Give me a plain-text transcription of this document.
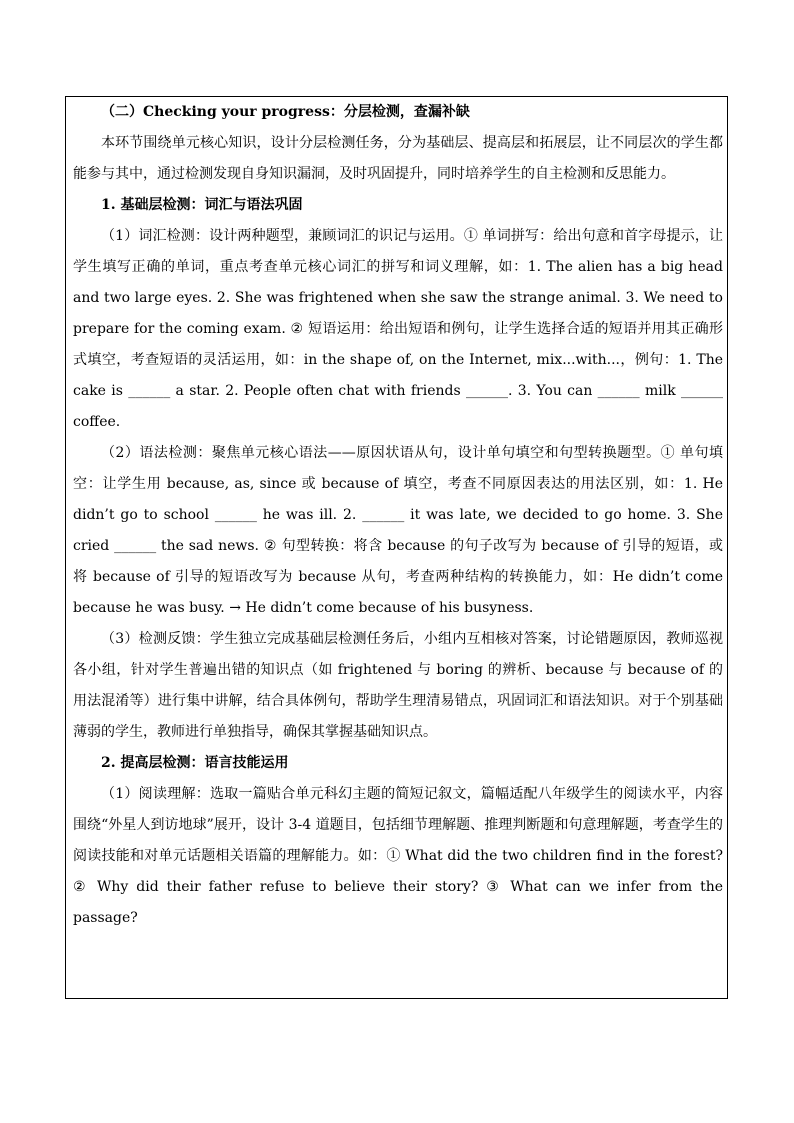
（二）Checking your progress：分层检测，查漏补缺

本环节围绕单元核心知识，设计分层检测任务，分为基础层、提高层和拓展层，让不同层次的学生都能参与其中，通过检测发现自身知识漏洞，及时巩固提升，同时培养学生的自主检测和反思能力。

1. 基础层检测：词汇与语法巩固

（1）词汇检测：设计两种题型，兼顾词汇的识记与运用。① 单词拼写：给出句意和首字母提示，让学生填写正确的单词，重点考查单元核心词汇的拼写和词义理解，如：1. The alien has a big head and two large eyes. 2. She was frightened when she saw the strange animal. 3. We need to prepare for the coming exam. ② 短语运用：给出短语和例句，让学生选择合适的短语并用其正确形式填空，考查短语的灵活运用，如：in the shape of, on the Internet, mix...with...，例句：1. The cake is ______ a star. 2. People often chat with friends ______. 3. You can ______ milk ______ coffee.

（2）语法检测：聚焦单元核心语法——原因状语从句，设计单句填空和句型转换题型。① 单句填空：让学生用 because, as, since 或 because of 填空，考查不同原因表达的用法区别，如：1. He didn’t go to school ______ he was ill. 2. ______ it was late, we decided to go home. 3. She cried ______ the sad news. ② 句型转换：将含 because 的句子改写为 because of 引导的短语，或将 because of 引导的短语改写为 because 从句，考查两种结构的转换能力，如：He didn’t come because he was busy. → He didn’t come because of his busyness.

（3）检测反馈：学生独立完成基础层检测任务后，小组内互相核对答案，讨论错题原因，教师巡视各小组，针对学生普遍出错的知识点（如 frightened 与 boring 的辨析、because 与 because of 的用法混淆等）进行集中讲解，结合具体例句，帮助学生理清易错点，巩固词汇和语法知识。对于个别基础薄弱的学生，教师进行单独指导，确保其掌握基础知识点。

2. 提高层检测：语言技能运用

（1）阅读理解：选取一篇贴合单元科幻主题的简短记叙文，篇幅适配八年级学生的阅读水平，内容围绕“外星人到访地球”展开，设计 3-4 道题目，包括细节理解题、推理判断题和句意理解题，考查学生的阅读技能和对单元话题相关语篇的理解能力。如：① What did the two children find in the forest? ② Why did their father refuse to believe their story? ③ What can we infer from the passage?
